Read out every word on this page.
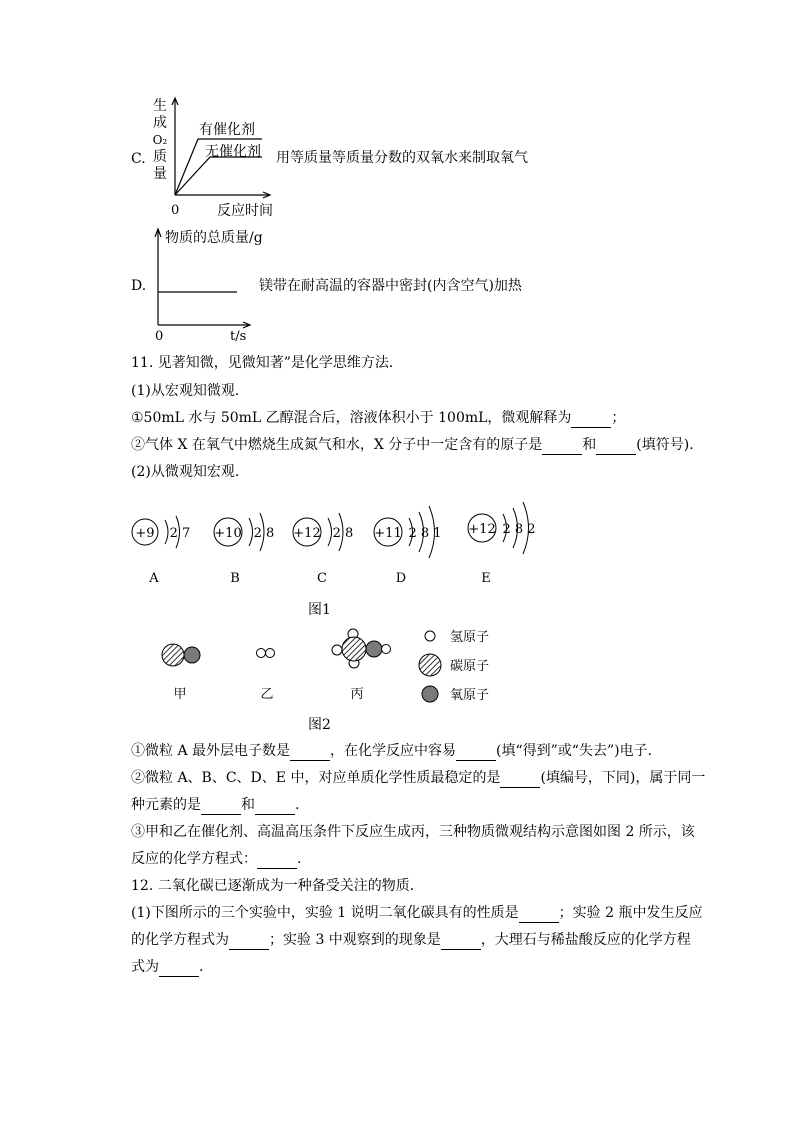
C.
生
成
O₂
质
量
有催化剂
无催化剂
0	反应时间
用等质量等质量分数的双氧水来制取氧气
D.
物质的总质量/g
0	t/s
镁带在耐高温的容器中密封(内含空气)加热
11. 见著知微，见微知著”是化学思维方法．
(1)从宏观知微观．
①50mL 水与 50mL 乙醇混合后，溶液体积小于 100mL，微观解释为	；
②气体 X 在氧气中燃烧生成氮气和水，X 分子中一定含有的原子是	和	(填符号).
(2)从微观知宏观．
+9 2 7
A
+10 2 8
B
+12 2 8
C
+11 2 8 1
D
+12 2 8 2
E
图1
甲	乙	丙
氢原子
碳原子
氧原子
图2
①微粒 A 最外层电子数是	，在化学反应中容易	(填“得到”或“失去”)电子．
②微粒 A、B、C、D、E 中，对应单质化学性质最稳定的是	(填编号，下同)，属于同一
种元素的是	和	.
③甲和乙在催化剂、高温高压条件下反应生成丙，三种物质微观结构示意图如图 2 所示，该
反应的化学方程式：	.
12. 二氧化碳已逐渐成为一种备受关注的物质．
(1)下图所示的三个实验中，实验 1 说明二氧化碳具有的性质是	；实验 2 瓶中发生反应
的化学方程式为	；实验 3 中观察到的现象是	，大理石与稀盐酸反应的化学方程
式为	.
